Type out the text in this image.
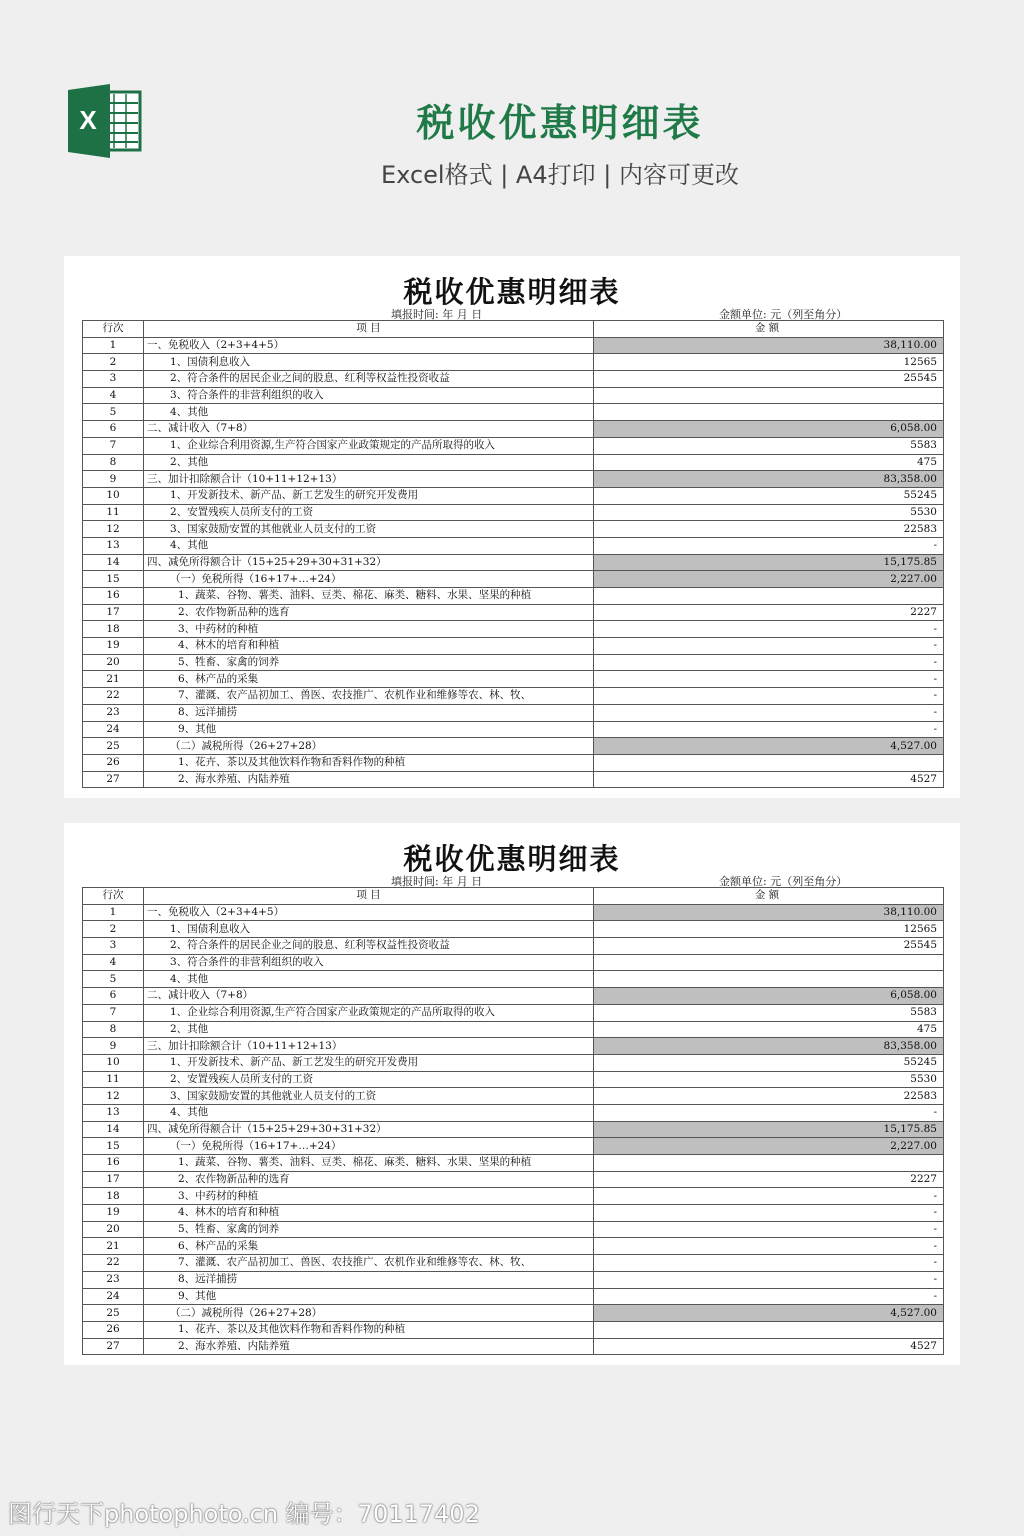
X	税收优惠明细表
Excel格式 | A4打印 | 内容可更改
税收优惠明细表
填报时间: 年 月 日	金额单位: 元（列至角分）
行次	项 目	金 额
1	一、免税收入（2+3+4+5）	38,110.00
2	1、国债利息收入	12565
3	2、符合条件的居民企业之间的股息、红利等权益性投资收益	25545
4	3、符合条件的非营利组织的收入	
5	4、其他	
6	二、减计收入（7+8）	6,058.00
7	1、企业综合利用资源,生产符合国家产业政策规定的产品所取得的收入	5583
8	2、其他	475
9	三、加计扣除额合计（10+11+12+13）	83,358.00
10	1、开发新技术、新产品、新工艺发生的研究开发费用	55245
11	2、安置残疾人员所支付的工资	5530
12	3、国家鼓励安置的其他就业人员支付的工资	22583
13	4、其他	-
14	四、减免所得额合计（15+25+29+30+31+32）	15,175.85
15	（一）免税所得（16+17+…+24）	2,227.00
16	1、蔬菜、谷物、薯类、油料、豆类、棉花、麻类、糖料、水果、坚果的种植	
17	2、农作物新品种的选育	2227
18	3、中药材的种植	-
19	4、林木的培育和种植	-
20	5、牲畜、家禽的饲养	-
21	6、林产品的采集	-
22	7、灌溉、农产品初加工、兽医、农技推广、农机作业和维修等农、林、牧、	-
23	8、远洋捕捞	-
24	9、其他	-
25	（二）减税所得（26+27+28）	4,527.00
26	1、花卉、茶以及其他饮料作物和香料作物的种植	
27	2、海水养殖、内陆养殖	4527
税收优惠明细表
填报时间: 年 月 日	金额单位: 元（列至角分）
行次	项 目	金 额
1	一、免税收入（2+3+4+5）	38,110.00
2	1、国债利息收入	12565
3	2、符合条件的居民企业之间的股息、红利等权益性投资收益	25545
4	3、符合条件的非营利组织的收入	
5	4、其他	
6	二、减计收入（7+8）	6,058.00
7	1、企业综合利用资源,生产符合国家产业政策规定的产品所取得的收入	5583
8	2、其他	475
9	三、加计扣除额合计（10+11+12+13）	83,358.00
10	1、开发新技术、新产品、新工艺发生的研究开发费用	55245
11	2、安置残疾人员所支付的工资	5530
12	3、国家鼓励安置的其他就业人员支付的工资	22583
13	4、其他	-
14	四、减免所得额合计（15+25+29+30+31+32）	15,175.85
15	（一）免税所得（16+17+…+24）	2,227.00
16	1、蔬菜、谷物、薯类、油料、豆类、棉花、麻类、糖料、水果、坚果的种植	
17	2、农作物新品种的选育	2227
18	3、中药材的种植	-
19	4、林木的培育和种植	-
20	5、牲畜、家禽的饲养	-
21	6、林产品的采集	-
22	7、灌溉、农产品初加工、兽医、农技推广、农机作业和维修等农、林、牧、	-
23	8、远洋捕捞	-
24	9、其他	-
25	（二）减税所得（26+27+28）	4,527.00
26	1、花卉、茶以及其他饮料作物和香料作物的种植	
27	2、海水养殖、内陆养殖	4527
图行天下photophoto.cn 编号：70117402
